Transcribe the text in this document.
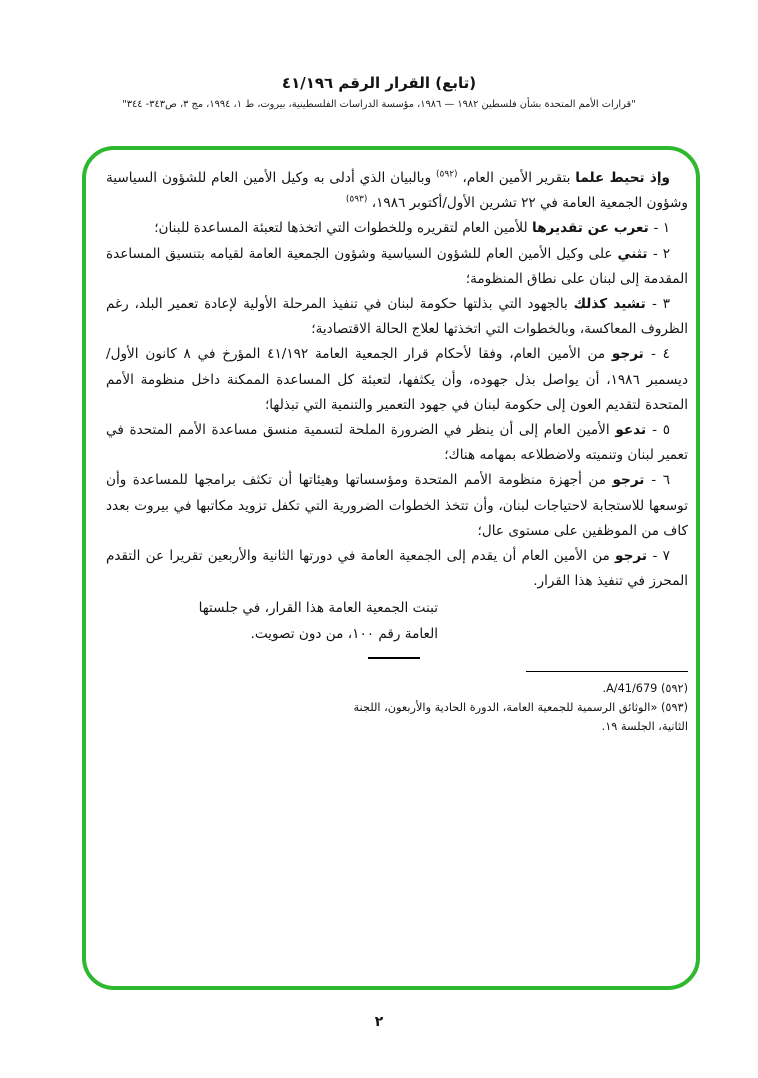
(تابع) القرار الرقم ٤١/١٩٦
"قرارات الأمم المتحدة بشأن فلسطين ١٩٨٢ — ١٩٨٦، مؤسسة الدراسات الفلسطينية، بيروت، ط ١، ١٩٩٤، مج ٣، ص٣٤٣- ٣٤٤"

وإذ تحيط علما بتقرير الأمين العام، $^{(٥٩٢)}$ وبالبيان الذي أدلى به وكيل الأمين العام للشؤون السياسية وشؤون الجمعية العامة في ٢٢ تشرين الأول/أكتوبر ١٩٨٦، $^{(٥٩٣)}$

١ - تعرب عن تقديرها للأمين العام لتقريره وللخطوات التي اتخذها لتعبئة المساعدة للبنان؛

٢ - تثني على وكيل الأمين العام للشؤون السياسية وشؤون الجمعية العامة لقيامه بتنسيق المساعدة المقدمة إلى لبنان على نطاق المنظومة؛

٣ - تشيد كذلك بالجهود التي بذلتها حكومة لبنان في تنفيذ المرحلة الأولية لإعادة تعمير البلد، رغم الظروف المعاكسة، وبالخطوات التي اتخذتها لعلاج الحالة الاقتصادية؛

٤ - ترجو من الأمين العام، وفقا لأحكام قرار الجمعية العامة ٤١/١٩٢ المؤرخ في ٨ كانون الأول/ديسمبر ١٩٨٦، أن يواصل بذل جهوده، وأن يكثفها، لتعبئة كل المساعدة الممكنة داخل منظومة الأمم المتحدة لتقديم العون إلى حكومة لبنان في جهود التعمير والتنمية التي تبذلها؛

٥ - تدعو الأمين العام إلى أن ينظر في الضرورة الملحة لتسمية منسق مساعدة الأمم المتحدة في تعمير لبنان وتنميته ولاضطلاعه بمهامه هناك؛

٦ - ترجو من أجهزة منظومة الأمم المتحدة ومؤسساتها وهيئاتها أن تكثف برامجها للمساعدة وأن توسعها للاستجابة لاحتياجات لبنان، وأن تتخذ الخطوات الضرورية التي تكفل تزويد مكاتبها في بيروت بعدد كاف من الموظفين على مستوى عال؛

٧ - ترجو من الأمين العام أن يقدم إلى الجمعية العامة في دورتها الثانية والأربعين تقريرا عن التقدم المحرز في تنفيذ هذا القرار.

تبنت الجمعية العامة هذا القرار، في جلستها العامة رقم ١٠٠، من دون تصويت.

(٥٩٢) A/41/679.

(٥٩٣) «الوثائق الرسمية للجمعية العامة، الدورة الحادية والأربعون، اللجنة الثانية، الجلسة ١٩.

٢
